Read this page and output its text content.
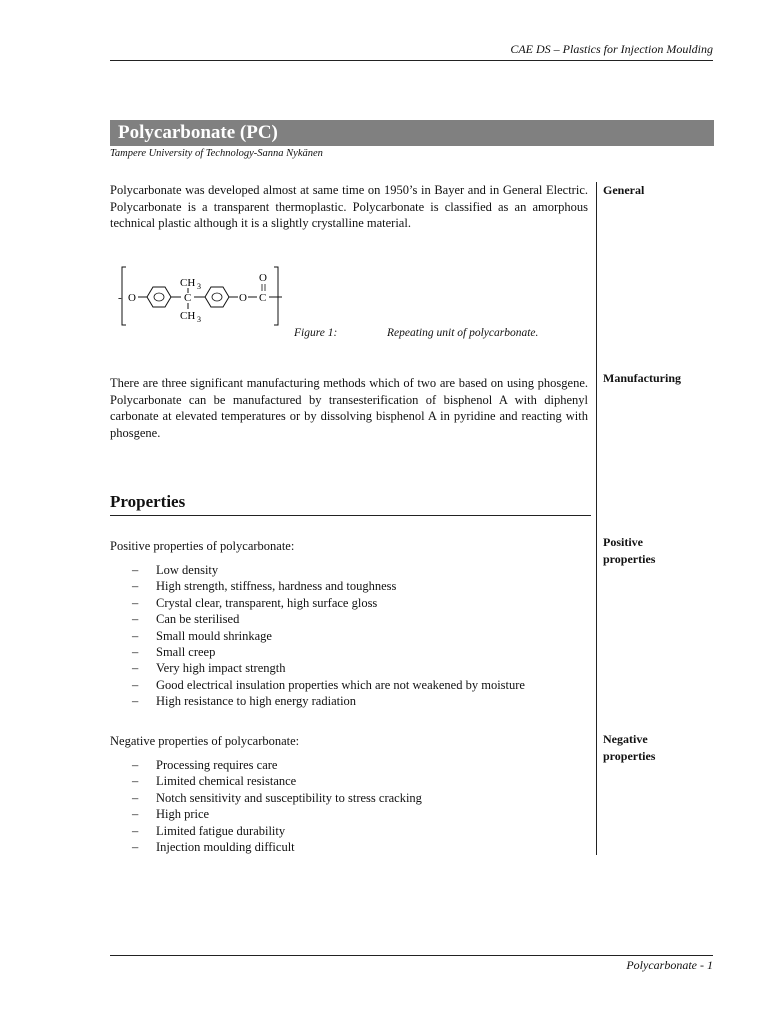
CAE DS – Plastics for Injection Moulding
Polycarbonate (PC)
Tampere University of Technology-Sanna Nykänen
Polycarbonate was developed almost at same time on 1950’s in Bayer and in General Electric. Polycarbonate is a transparent thermoplastic. Polycarbonate is classified as an amorphous technical plastic although it is a slightly crystalline material.
General
- O
CH 3
C
CH 3
O
O
C
Figure 1:	Repeating unit of polycarbonate.
There are three significant manufacturing methods which of two are based on using phosgene. Polycarbonate can be manufactured by transesterification of bisphenol A with diphenyl carbonate at elevated temperatures or by dissolving bisphenol A in pyridine and reacting with phosgene.
Manufacturing
Properties
Positive
properties
Positive properties of polycarbonate:
– Low density
– High strength, stiffness, hardness and toughness
– Crystal clear, transparent, high surface gloss
– Can be sterilised
– Small mould shrinkage
– Small creep
– Very high impact strength
– Good electrical insulation properties which are not weakened by moisture
– High resistance to high energy radiation
Negative
properties
Negative properties of polycarbonate:
– Processing requires care
– Limited chemical resistance
– Notch sensitivity and susceptibility to stress cracking
– High price
– Limited fatigue durability
– Injection moulding difficult
Polycarbonate - 1
